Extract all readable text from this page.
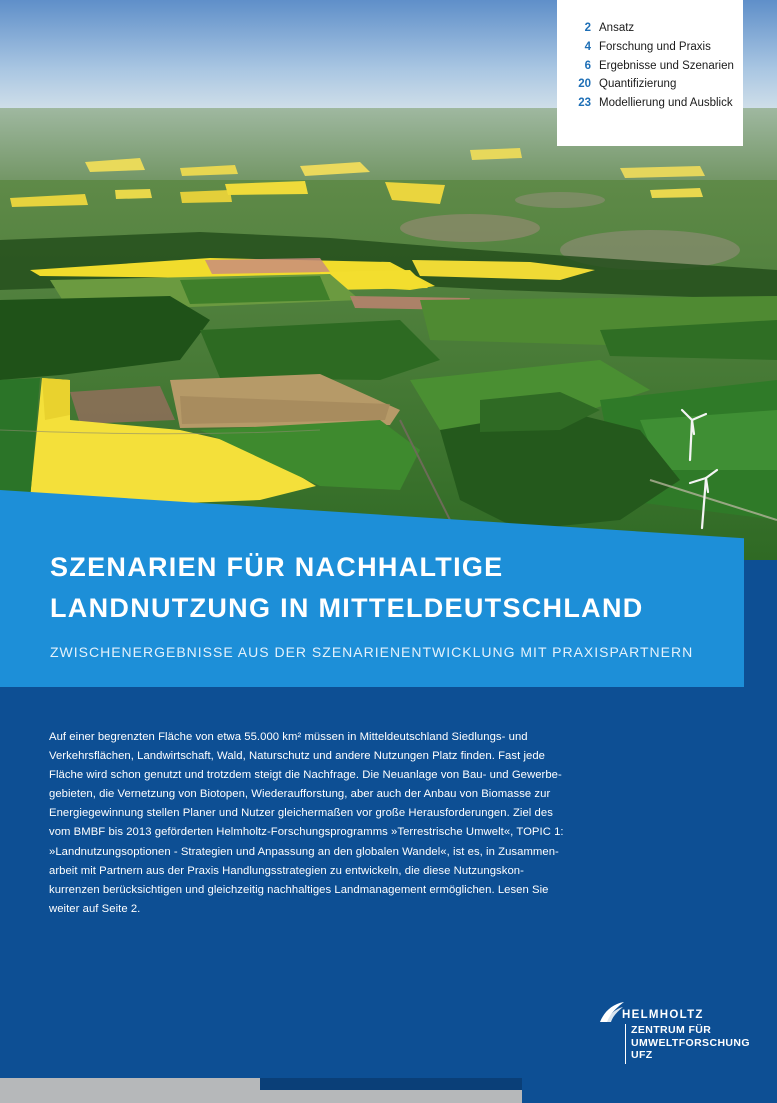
2 Ansatz
4 Forschung und Praxis
6 Ergebnisse und Szenarien
20 Quantifizierung
23 Modellierung und Ausblick
SZENARIEN FÜR NACHHALTIGE
LANDNUTZUNG IN MITTELDEUTSCHLAND
ZWISCHENERGEBNISSE AUS DER SZENARIENENTWICKLUNG MIT PRAXISPARTNERN
Auf einer begrenzten Fläche von etwa 55.000 km² müssen in Mitteldeutschland Siedlungs- und
Verkehrsflächen, Landwirtschaft, Wald, Naturschutz und andere Nutzungen Platz finden. Fast jede
Fläche wird schon genutzt und trotzdem steigt die Nachfrage. Die Neuanlage von Bau- und Gewerbe-
gebieten, die Vernetzung von Biotopen, Wiederaufforstung, aber auch der Anbau von Biomasse zur
Energiegewinnung stellen Planer und Nutzer gleichermaßen vor große Herausforderungen. Ziel des
vom BMBF bis 2013 geförderten Helmholtz-Forschungsprogramms »Terrestrische Umwelt«, TOPIC 1:
»Landnutzungsoptionen - Strategien und Anpassung an den globalen Wandel«, ist es, in Zusammen-
arbeit mit Partnern aus der Praxis Handlungsstrategien zu entwickeln, die diese Nutzungskon-
kurrenzen berücksichtigen und gleichzeitig nachhaltiges Landmanagement ermöglichen. Lesen Sie
weiter auf Seite 2.
HELMHOLTZ
ZENTRUM FÜR
UMWELTFORSCHUNG
UFZ
